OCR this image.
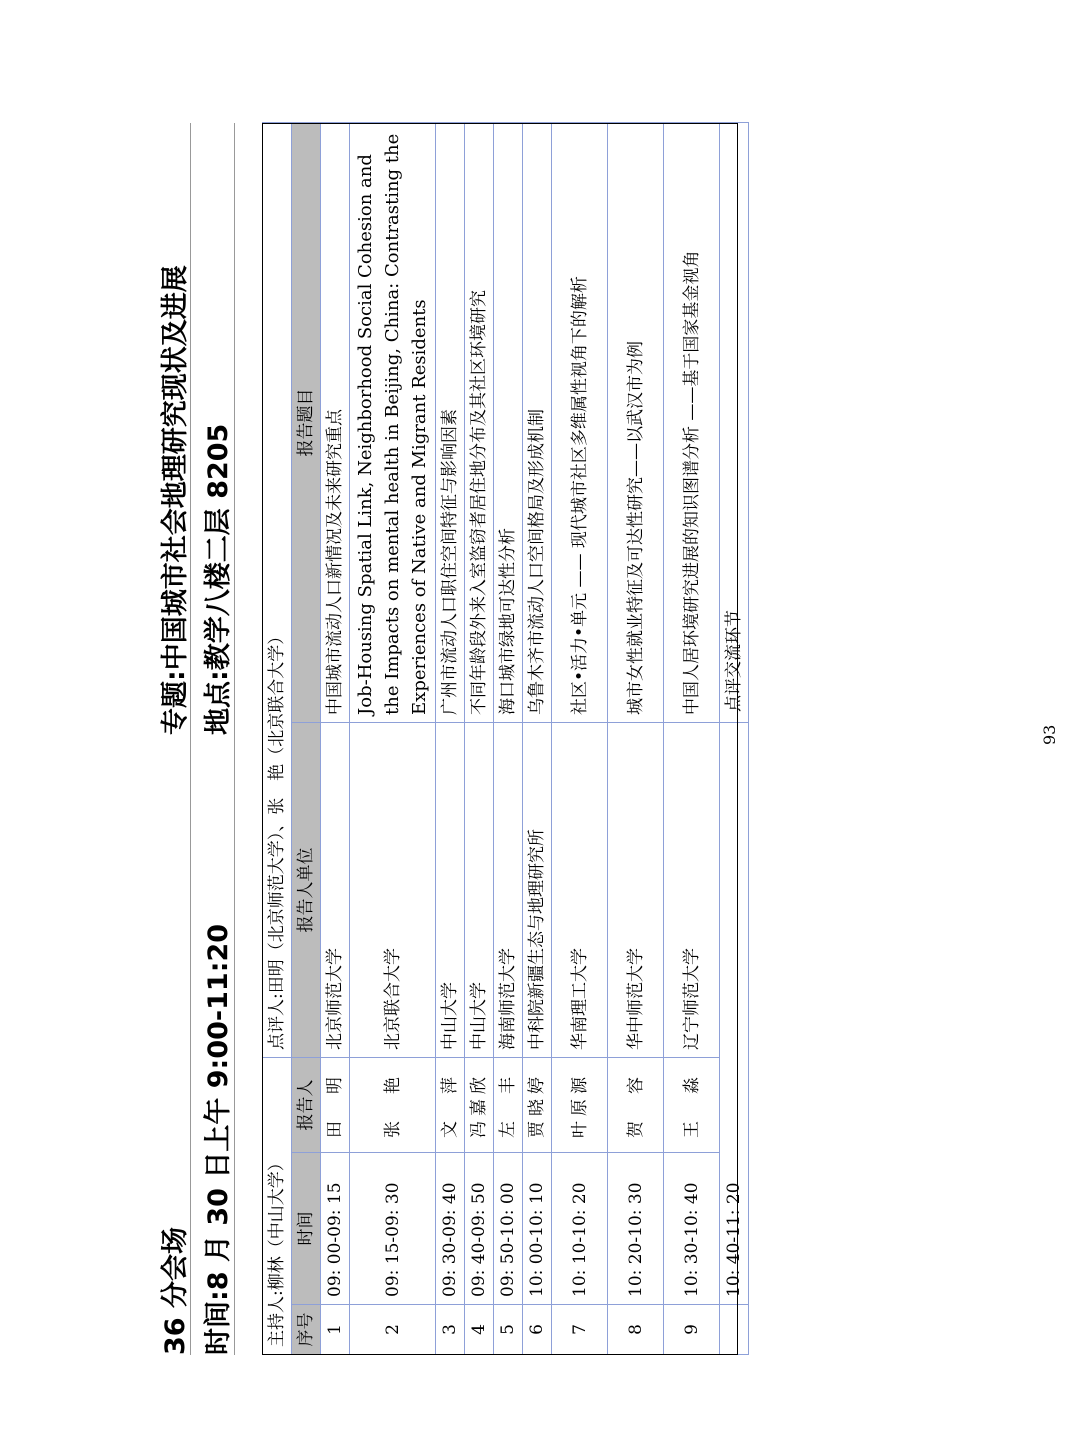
36 分会场
专题:中国城市社会地理研究现状及进展
时间:8 月 30 日上午 9:00-11:20
地点:教学八楼二层 8205
主持人:柳林（中山大学）			点评人:田明（北京师范大学）、张　艳（北京联合大学）	
序号	时间	报告人	报告人单位	报告题目
1	09: 00-09: 15	田　明	北京师范大学	中国城市流动人口新情况及未来研究重点
2	09: 15-09: 30	张　艳	北京联合大学	Job-Housing Spatial Link, Neighborhood Social Cohesion and the Impacts on mental health in Beijing, China: Contrasting the Experiences of Native and Migrant Residents
3	09: 30-09: 40	文　萍	中山大学	广州市流动人口职住空间特征与影响因素
4	09: 40-09: 50	冯嘉欣	中山大学	不同年龄段外来入室盗窃者居住地分布及其社区环境研究
5	09: 50-10: 00	左　丰	海南师范大学	海口城市绿地可达性分析
6	10: 00-10: 10	贾晓婷	中科院新疆生态与地理研究所	乌鲁木齐市流动人口空间格局及形成机制
7	10: 10-10: 20	叶原源	华南理工大学	社区•活力•单元 —— 现代城市社区多维属性视角下的解析
8	10: 20-10: 30	贺　容	华中师范大学	城市女性就业特征及可达性研究——以武汉市为例
9	10: 30-10: 40	王　淼	辽宁师范大学	中国人居环境研究进展的知识图谱分析 ——基于国家基金视角
	10: 40-11: 20			点评交流环节
93
